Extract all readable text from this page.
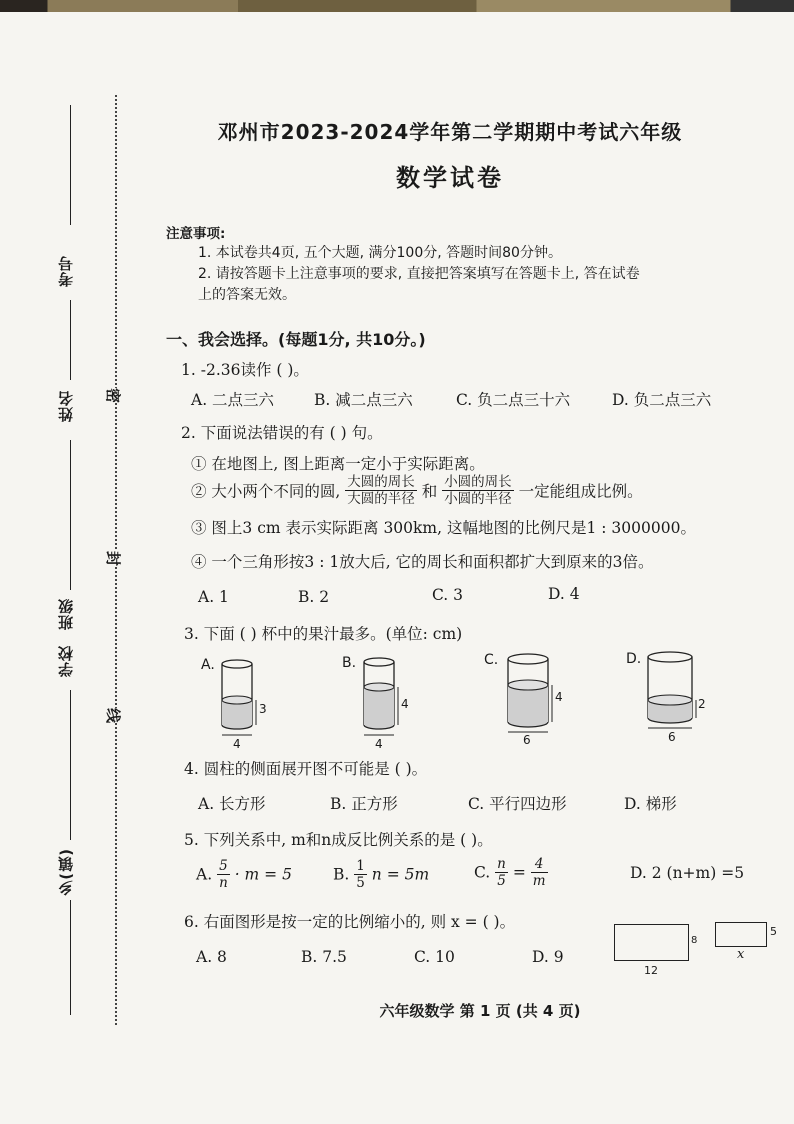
考号
姓名
班级
学校
乡(镇)
密
封
线
邓州市2023-2024学年第二学期期中考试六年级
数学试卷
注意事项:
1. 本试卷共4页, 五个大题, 满分100分, 答题时间80分钟。
2. 请按答题卡上注意事项的要求, 直接把答案填写在答题卡上, 答在试卷
上的答案无效。
一、我会选择。(每题1分, 共10分。)
1. -2.36读作 ( )。
A. 二点三六	B. 减二点三六	C. 负二点三十六	D. 负二点三六
2. 下面说法错误的有 ( ) 句。
① 在地图上, 图上距离一定小于实际距离。
② 大小两个不同的圆, $\frac{\text{大圆的周长}}{\text{大圆的半径}}$ 和 $\frac{\text{小圆的周长}}{\text{小圆的半径}}$ 一定能组成比例。
③ 图上3 cm 表示实际距离 300km, 这幅地图的比例尺是1 : 3000000。
④ 一个三角形按3 : 1放大后, 它的周长和面积都扩大到原来的3倍。
A. 1	B. 2	C. 3	D. 4
3. 下面 ( ) 杯中的果汁最多。(单位: cm)
A.
3
4
B.
4
4
C.
4
6
D.
2
6
4. 圆柱的侧面展开图不可能是 ( )。
A. 长方形	B. 正方形	C. 平行四边形	D. 梯形
5. 下列关系中, m和n成反比例关系的是 ( )。
A. $\frac{5}{n} \cdot m = 5$	B. $\frac{1}{5}$ n = 5m	C. $\frac{n}{5} = \frac{4}{m}$	D. 2 (n+m) =5
6. 右面图形是按一定的比例缩小的, 则 x = ( )。
A. 8	B. 7.5	C. 10	D. 9
8
12
5
x
六年级数学 第 1 页 (共 4 页)
